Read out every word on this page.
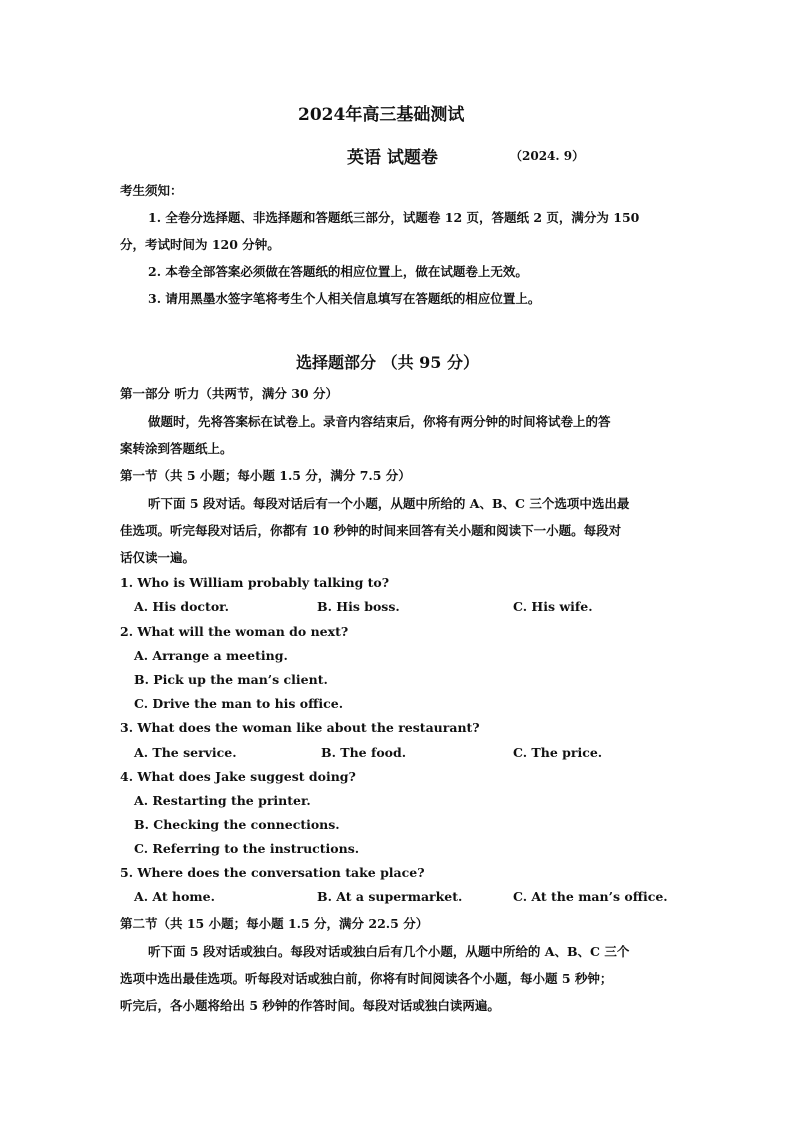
2024年高三基础测试
英语 试题卷	（2024. 9）
考生须知：
1. 全卷分选择题、非选择题和答题纸三部分，试题卷 12 页，答题纸 2 页，满分为 150
分，考试时间为 120 分钟。
2. 本卷全部答案必须做在答题纸的相应位置上，做在试题卷上无效。
3. 请用黑墨水签字笔将考生个人相关信息填写在答题纸的相应位置上。
选择题部分 （共 95 分）
第一部分 听力（共两节，满分 30 分）
做题时，先将答案标在试卷上。录音内容结束后，你将有两分钟的时间将试卷上的答
案转涂到答题纸上。
第一节（共 5 小题；每小题 1.5 分，满分 7.5 分）
听下面 5 段对话。每段对话后有一个小题，从题中所给的 A、B、C 三个选项中选出最
佳选项。听完每段对话后，你都有 10 秒钟的时间来回答有关小题和阅读下一小题。每段对
话仅读一遍。
1. Who is William probably talking to?
A. His doctor.	B. His boss.	C. His wife.
2. What will the woman do next?
A. Arrange a meeting.
B. Pick up the man’s client.
C. Drive the man to his office.
3. What does the woman like about the restaurant?
A. The service.	B. The food.	C. The price.
4. What does Jake suggest doing?
A. Restarting the printer.
B. Checking the connections.
C. Referring to the instructions.
5. Where does the conversation take place?
A. At home.	B. At a supermarket.	C. At the man’s office.
第二节（共 15 小题；每小题 1.5 分，满分 22.5 分）
听下面 5 段对话或独白。每段对话或独白后有几个小题，从题中所给的 A、B、C 三个
选项中选出最佳选项。听每段对话或独白前，你将有时间阅读各个小题，每小题 5 秒钟；
听完后，各小题将给出 5 秒钟的作答时间。每段对话或独白读两遍。
